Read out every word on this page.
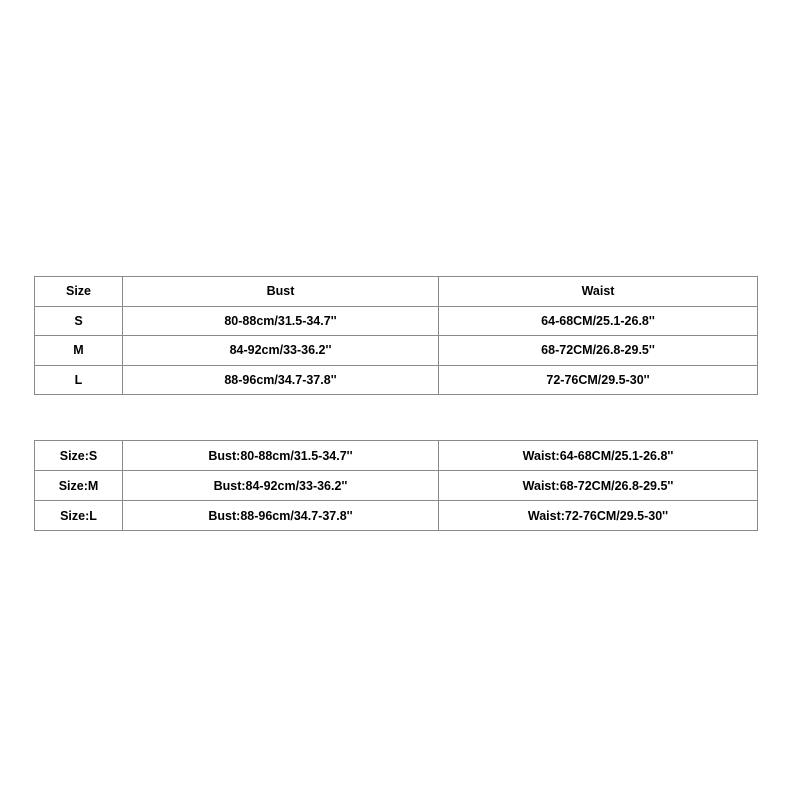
Size	Bust	Waist
S	80-88cm/31.5-34.7''	64-68CM/25.1-26.8''
M	84-92cm/33-36.2''	68-72CM/26.8-29.5''
L	88-96cm/34.7-37.8''	72-76CM/29.5-30''
Size:S	Bust:80-88cm/31.5-34.7''	Waist:64-68CM/25.1-26.8''
Size:M	Bust:84-92cm/33-36.2''	Waist:68-72CM/26.8-29.5''
Size:L	Bust:88-96cm/34.7-37.8''	Waist:72-76CM/29.5-30''
